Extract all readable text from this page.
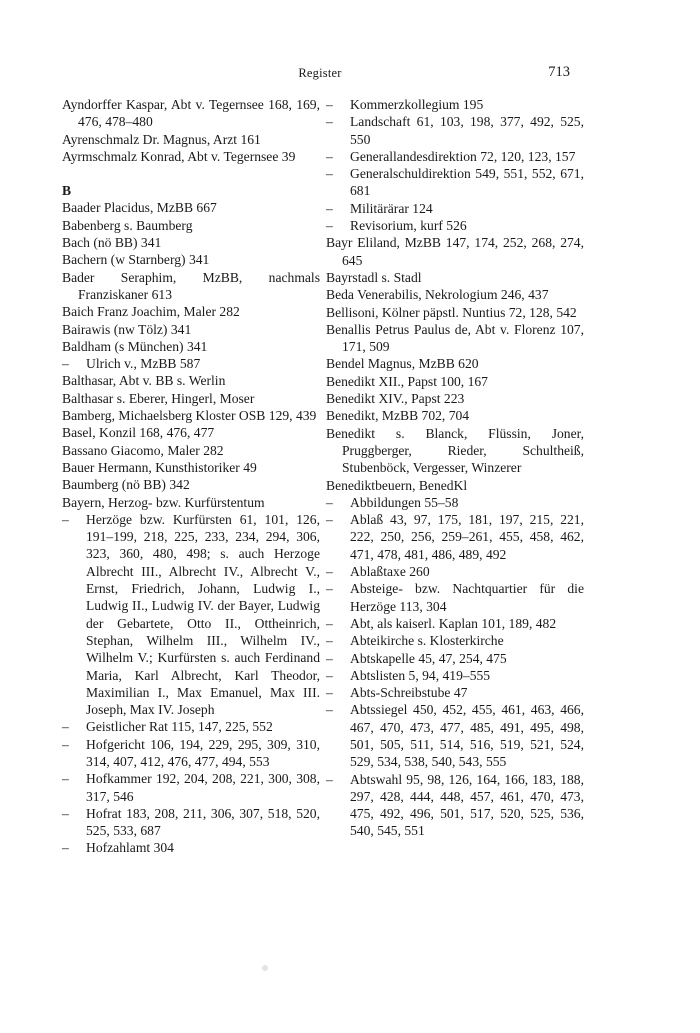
Register	713

Ayndorffer Kaspar, Abt v. Tegernsee 168, 169, 476, 478–480

Ayrenschmalz Dr. Magnus, Arzt 161

Ayrmschmalz Konrad, Abt v. Tegernsee 39

B

Baader Placidus, MzBB 667

Babenberg s. Baumberg

Bach (nö BB) 341

Bachern (w Starnberg) 341

Bader Seraphim, MzBB, nachmals Franziskaner 613

Baich Franz Joachim, Maler 282

Bairawis (nw Tölz) 341

Baldham (s München) 341

– Ulrich v., MzBB 587

Balthasar, Abt v. BB s. Werlin

Balthasar s. Eberer, Hingerl, Moser

Bamberg, Michaelsberg Kloster OSB 129, 439

Basel, Konzil 168, 476, 477

Bassano Giacomo, Maler 282

Bauer Hermann, Kunsthistoriker 49

Baumberg (nö BB) 342

Bayern, Herzog- bzw. Kurfürstentum

– Herzöge bzw. Kurfürsten 61, 101, 126, 191–199, 218, 225, 233, 234, 294, 306, 323, 360, 480, 498; s. auch Herzoge Albrecht III., Albrecht IV., Albrecht V., Ernst, Friedrich, Johann, Ludwig I., Ludwig II., Ludwig IV. der Bayer, Ludwig der Gebartete, Otto II., Ottheinrich, Stephan, Wilhelm III., Wilhelm IV., Wilhelm V.; Kurfürsten s. auch Ferdinand Maria, Karl Albrecht, Karl Theodor, Maximilian I., Max Emanuel, Max III. Joseph, Max IV. Joseph

– Geistlicher Rat 115, 147, 225, 552

– Hofgericht 106, 194, 229, 295, 309, 310, 314, 407, 412, 476, 477, 494, 553

– Hofkammer 192, 204, 208, 221, 300, 308, 317, 546

– Hofrat 183, 208, 211, 306, 307, 518, 520, 525, 533, 687

– Hofzahlamt 304

– Kommerzkollegium 195

– Landschaft 61, 103, 198, 377, 492, 525, 550

– Generallandesdirektion 72, 120, 123, 157

– Generalschuldirektion 549, 551, 552, 671, 681

– Militärärar 124

– Revisorium, kurf 526

Bayr Eliland, MzBB 147, 174, 252, 268, 274, 645

Bayrstadl s. Stadl

Beda Venerabilis, Nekrologium 246, 437

Bellisoni, Kölner päpstl. Nuntius 72, 128, 542

Benallis Petrus Paulus de, Abt v. Florenz 107, 171, 509

Bendel Magnus, MzBB 620

Benedikt XII., Papst 100, 167

Benedikt XIV., Papst 223

Benedikt, MzBB 702, 704

Benedikt s. Blanck, Flüssin, Joner, Pruggberger, Rieder, Schultheiß, Stubenböck, Vergesser, Winzerer

Benediktbeuern, BenedKl

– Abbildungen 55–58

– Ablaß 43, 97, 175, 181, 197, 215, 221, 222, 250, 256, 259–261, 455, 458, 462, 471, 478, 481, 486, 489, 492

– Ablaßtaxe 260

– Absteige- bzw. Nachtquartier für die Herzöge 113, 304

– Abt, als kaiserl. Kaplan 101, 189, 482

– Abteikirche s. Klosterkirche

– Abtskapelle 45, 47, 254, 475

– Abtslisten 5, 94, 419–555

– Abts-Schreibstube 47

– Abtssiegel 450, 452, 455, 461, 463, 466, 467, 470, 473, 477, 485, 491, 495, 498, 501, 505, 511, 514, 516, 519, 521, 524, 529, 534, 538, 540, 543, 555

– Abtswahl 95, 98, 126, 164, 166, 183, 188, 297, 428, 444, 448, 457, 461, 470, 473, 475, 492, 496, 501, 517, 520, 525, 536, 540, 545, 551
